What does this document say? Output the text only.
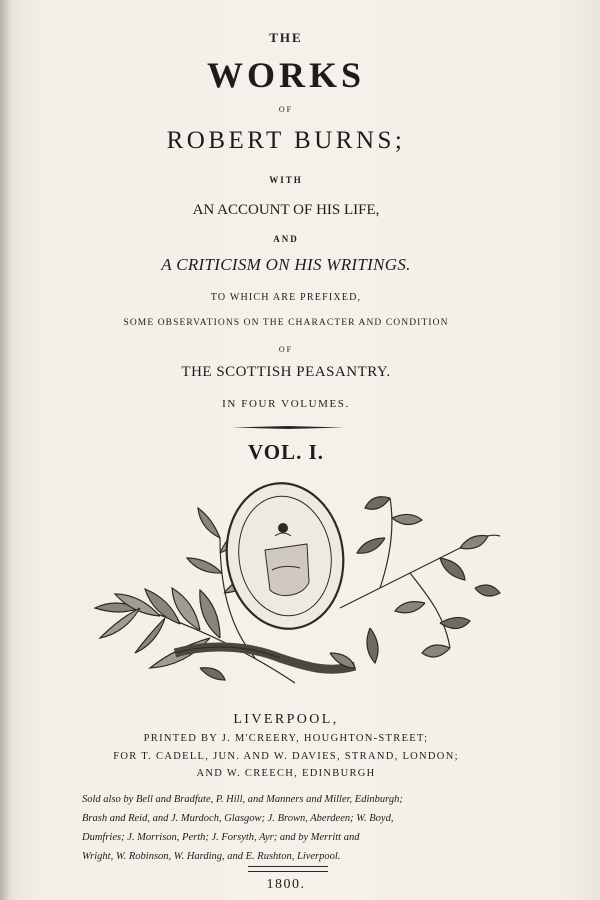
THE
WORKS
OF
ROBERT BURNS;
WITH
AN ACCOUNT OF HIS LIFE,
AND
A CRITICISM ON HIS WRITINGS.
TO WHICH ARE PREFIXED,
SOME OBSERVATIONS ON THE CHARACTER AND CONDITION
OF
THE SCOTTISH PEASANTRY.
IN FOUR VOLUMES.
VOL. I.
LIVERPOOL,
PRINTED BY J. M'CREERY, HOUGHTON-STREET;
FOR T. CADELL, JUN. AND W. DAVIES, STRAND, LONDON;
AND W. CREECH, EDINBURGH
Sold also by Bell and Bradfute, P. Hill, and Manners and Miller, Edinburgh;
Brash and Reid, and J. Murdoch, Glasgow; J. Brown, Aberdeen; W. Boyd,
Dumfries; J. Morrison, Perth; J. Forsyth, Ayr; and by Merritt and
Wright, W. Robinson, W. Harding, and E. Rushton, Liverpool.
1800.
